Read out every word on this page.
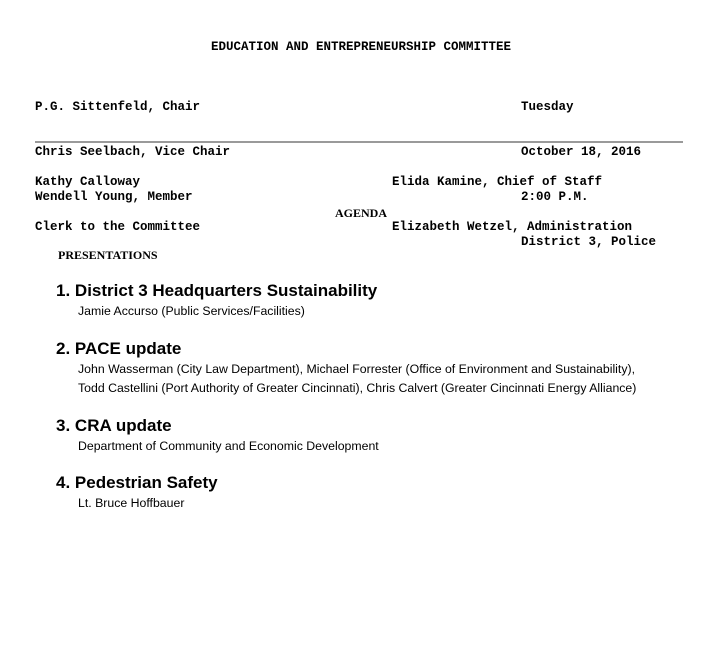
EDUCATION AND ENTREPRENEURSHIP COMMITTEE

P.G. Sittenfeld, Chair

Chris Seelbach, Vice Chair

Wendell Young, Member

Tuesday

October 18, 2016

2:00 P.M.

District 3, Police

Kathy Calloway

Clerk to the Committee

Elida Kamine, Chief of Staff

Elizabeth Wetzel, Administration

AGENDA
PRESENTATIONS
1. District 3 Headquarters Sustainability
Jamie Accurso (Public Services/Facilities)
2. PACE update
John Wasserman (City Law Department), Michael Forrester (Office of Environment and Sustainability),
Todd Castellini (Port Authority of Greater Cincinnati), Chris Calvert (Greater Cincinnati Energy Alliance)
3. CRA update
Department of Community and Economic Development
4. Pedestrian Safety
Lt. Bruce Hoffbauer
